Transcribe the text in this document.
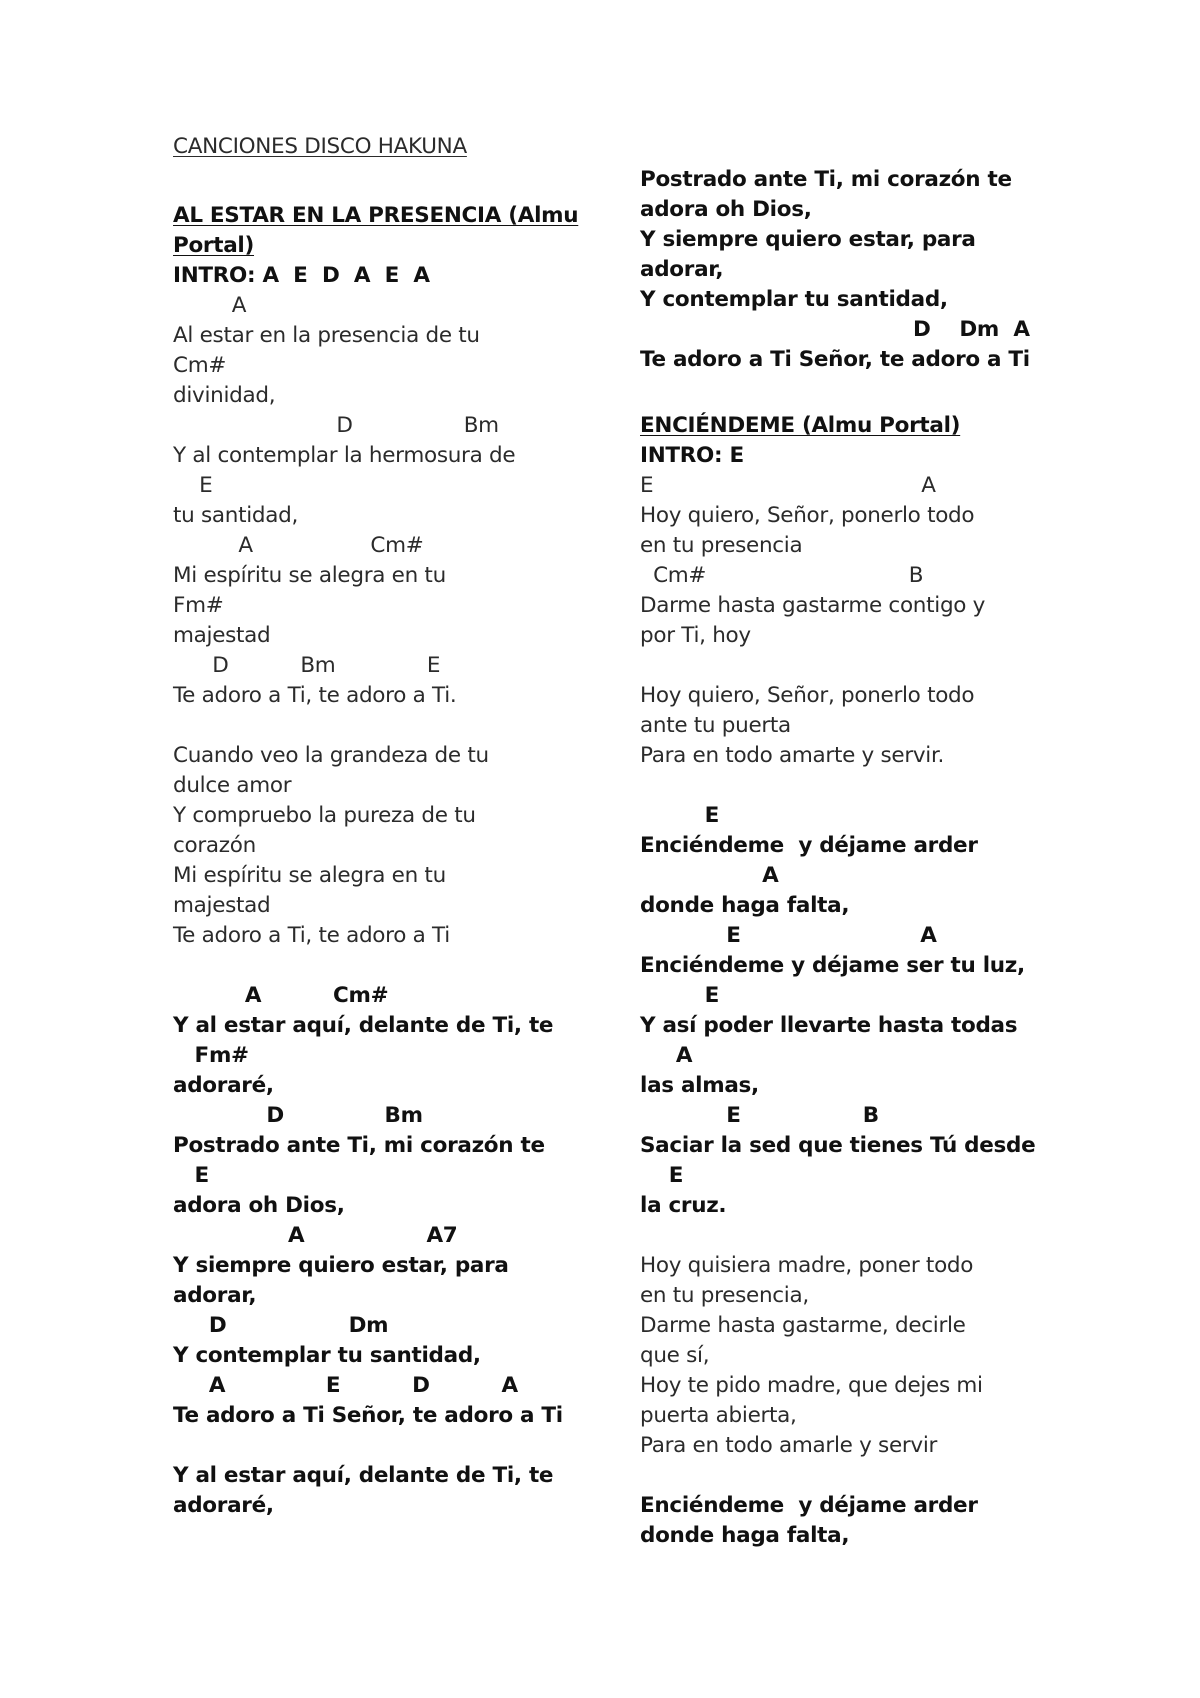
CANCIONES DISCO HAKUNA
AL ESTAR EN LA PRESENCIA (Almu
Portal)
INTRO: A  E  D  A  E  A
A
Al estar en la presencia de tu
Cm#
divinidad,
D                 Bm
Y al contemplar la hermosura de
E
tu santidad,
A                  Cm#
Mi espíritu se alegra en tu
Fm#
majestad
D           Bm              E
Te adoro a Ti, te adoro a Ti.
Cuando veo la grandeza de tu
dulce amor
Y compruebo la pureza de tu
corazón
Mi espíritu se alegra en tu
majestad
Te adoro a Ti, te adoro a Ti
A          Cm#
Y al estar aquí, delante de Ti, te
Fm#
adoraré,
D              Bm
Postrado ante Ti, mi corazón te
E
adora oh Dios,
A                 A7
Y siempre quiero estar, para
adorar,
D                 Dm
Y contemplar tu santidad,
A              E          D          A
Te adoro a Ti Señor, te adoro a Ti
Y al estar aquí, delante de Ti, te
adoraré,
Postrado ante Ti, mi corazón te
adora oh Dios,
Y siempre quiero estar, para
adorar,
Y contemplar tu santidad,
D    Dm  A
Te adoro a Ti Señor, te adoro a Ti
ENCIÉNDEME (Almu Portal)
INTRO: E
E                                         A
Hoy quiero, Señor, ponerlo todo
en tu presencia
Cm#                               B
Darme hasta gastarme contigo y
por Ti, hoy
Hoy quiero, Señor, ponerlo todo
ante tu puerta
Para en todo amarte y servir.
E
Enciéndeme  y déjame arder
A
donde haga falta,
E                         A
Enciéndeme y déjame ser tu luz,
E
Y así poder llevarte hasta todas
A
las almas,
E                 B
Saciar la sed que tienes Tú desde
E
la cruz.
Hoy quisiera madre, poner todo
en tu presencia,
Darme hasta gastarme, decirle
que sí,
Hoy te pido madre, que dejes mi
puerta abierta,
Para en todo amarle y servir
Enciéndeme  y déjame arder
donde haga falta,
